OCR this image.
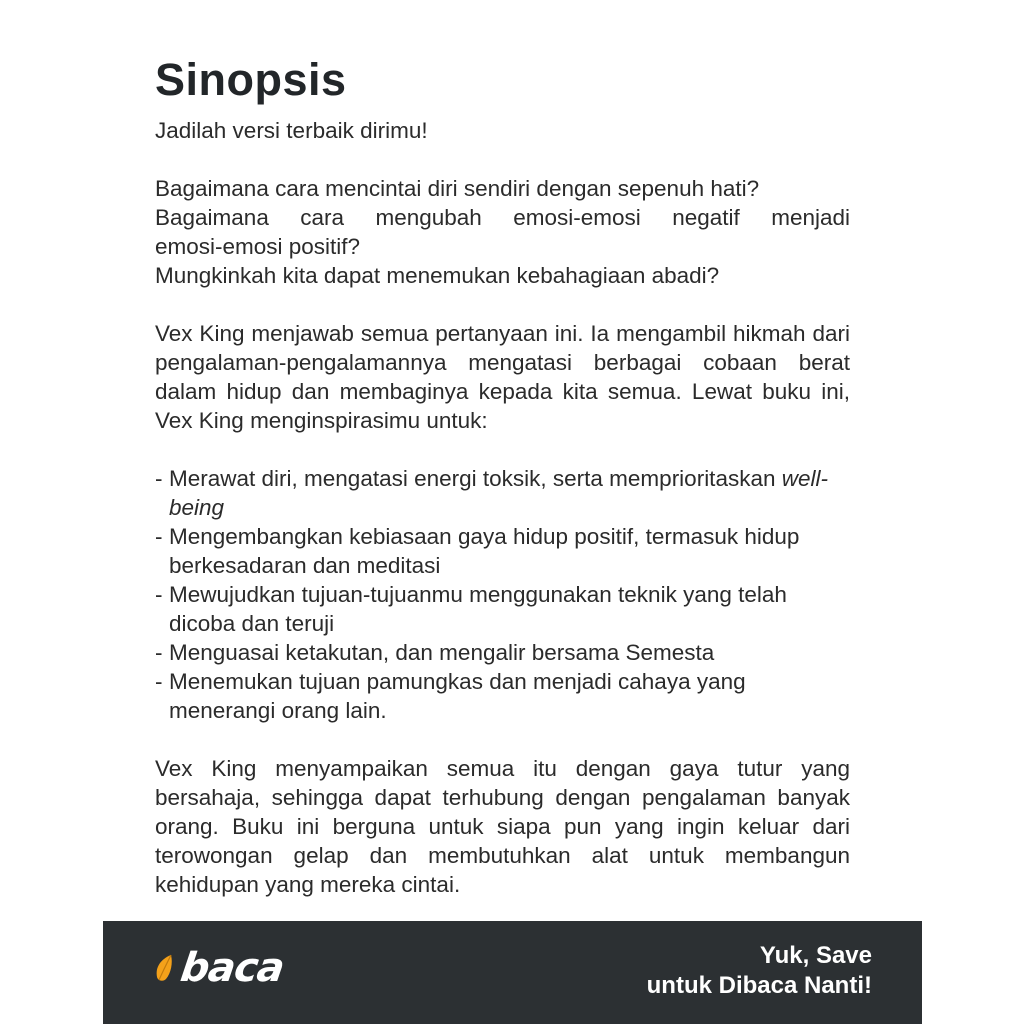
Sinopsis

Jadilah versi terbaik dirimu!

Bagaimana cara mencintai diri sendiri dengan sepenuh hati?
Bagaimana cara mengubah emosi-emosi negatif menjadi
emosi-emosi positif?
Mungkinkah kita dapat menemukan kebahagiaan abadi?

Vex King menjawab semua pertanyaan ini. Ia mengambil hikmah dari pengalaman-pengalamannya mengatasi berbagai cobaan berat dalam hidup dan membaginya kepada kita semua. Lewat buku ini, Vex King menginspirasimu untuk:

- Merawat diri, mengatasi energi toksik, serta memprioritaskan well-being
- Mengembangkan kebiasaan gaya hidup positif, termasuk hidup berkesadaran dan meditasi
- Mewujudkan tujuan-tujuanmu menggunakan teknik yang telah dicoba dan teruji
- Menguasai ketakutan, dan mengalir bersama Semesta
- Menemukan tujuan pamungkas dan menjadi cahaya yang menerangi orang lain.

Vex King menyampaikan semua itu dengan gaya tutur yang bersahaja, sehingga dapat terhubung dengan pengalaman banyak orang. Buku ini berguna untuk siapa pun yang ingin keluar dari terowongan gelap dan membutuhkan alat untuk membangun kehidupan yang mereka cintai.

baca	Yuk, Save
untuk Dibaca Nanti!
